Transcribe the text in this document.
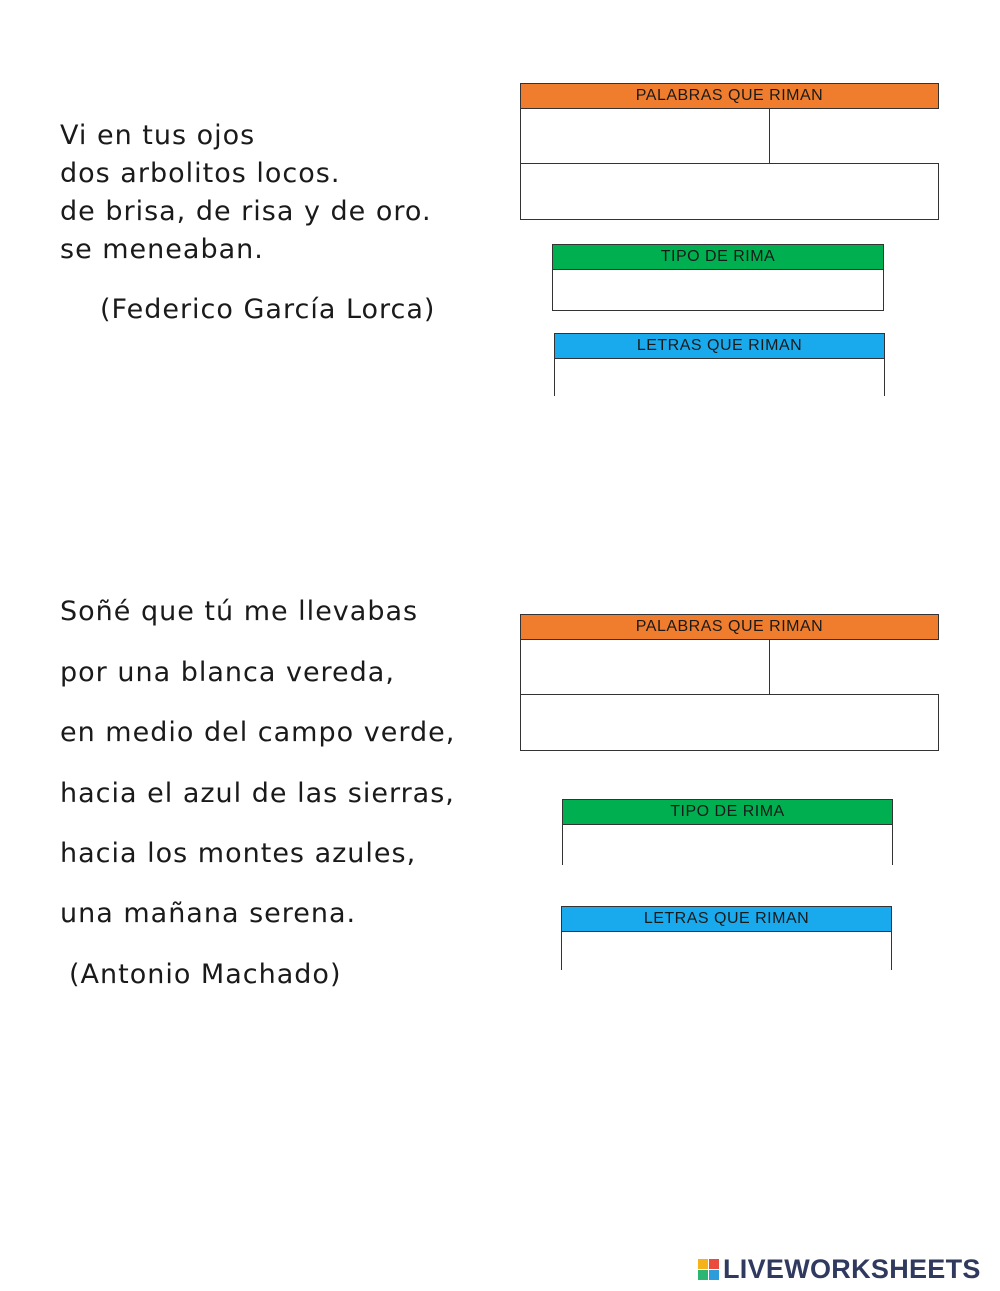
Vi en tus ojos

dos arbolitos locos.

de brisa, de risa y de oro.

se meneaban.

(Federico García Lorca)

PALABRAS QUE RIMAN
TIPO DE RIMA
LETRAS QUE RIMAN

Soñé que tú me llevabas

por una blanca vereda,

en medio del campo verde,

hacia el azul de las sierras,

hacia los montes azules,

una mañana serena.

(Antonio Machado)

PALABRAS QUE RIMAN
TIPO DE RIMA
LETRAS QUE RIMAN
LIVEWORKSHEETS
